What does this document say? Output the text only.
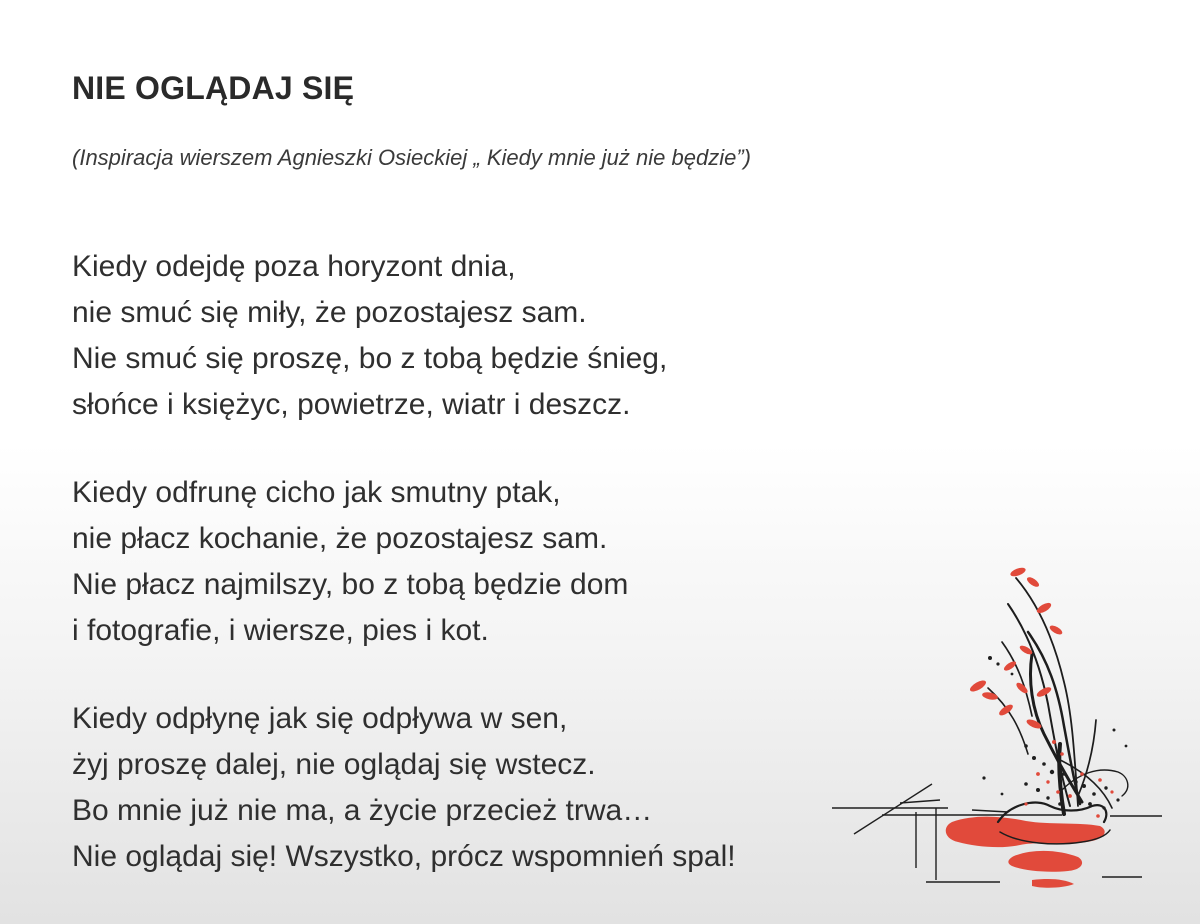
NIE OGLĄDAJ SIĘ

(Inspiracja wierszem Agnieszki Osieckiej „ Kiedy mnie już nie będzie”)

Kiedy odejdę poza horyzont dnia,
nie smuć się miły, że pozostajesz sam.
Nie smuć się proszę, bo z tobą będzie śnieg,
słońce i księżyc, powietrze, wiatr i deszcz.
Kiedy odfrunę cicho jak smutny ptak,
nie płacz kochanie, że pozostajesz sam.
Nie płacz najmilszy, bo z tobą będzie dom
i fotografie, i wiersze, pies i kot.
Kiedy odpłynę jak się odpływa w sen,
żyj proszę dalej, nie oglądaj się wstecz.
Bo mnie już nie ma, a życie przecież trwa…
Nie oglądaj się! Wszystko, prócz wspomnień spal!
